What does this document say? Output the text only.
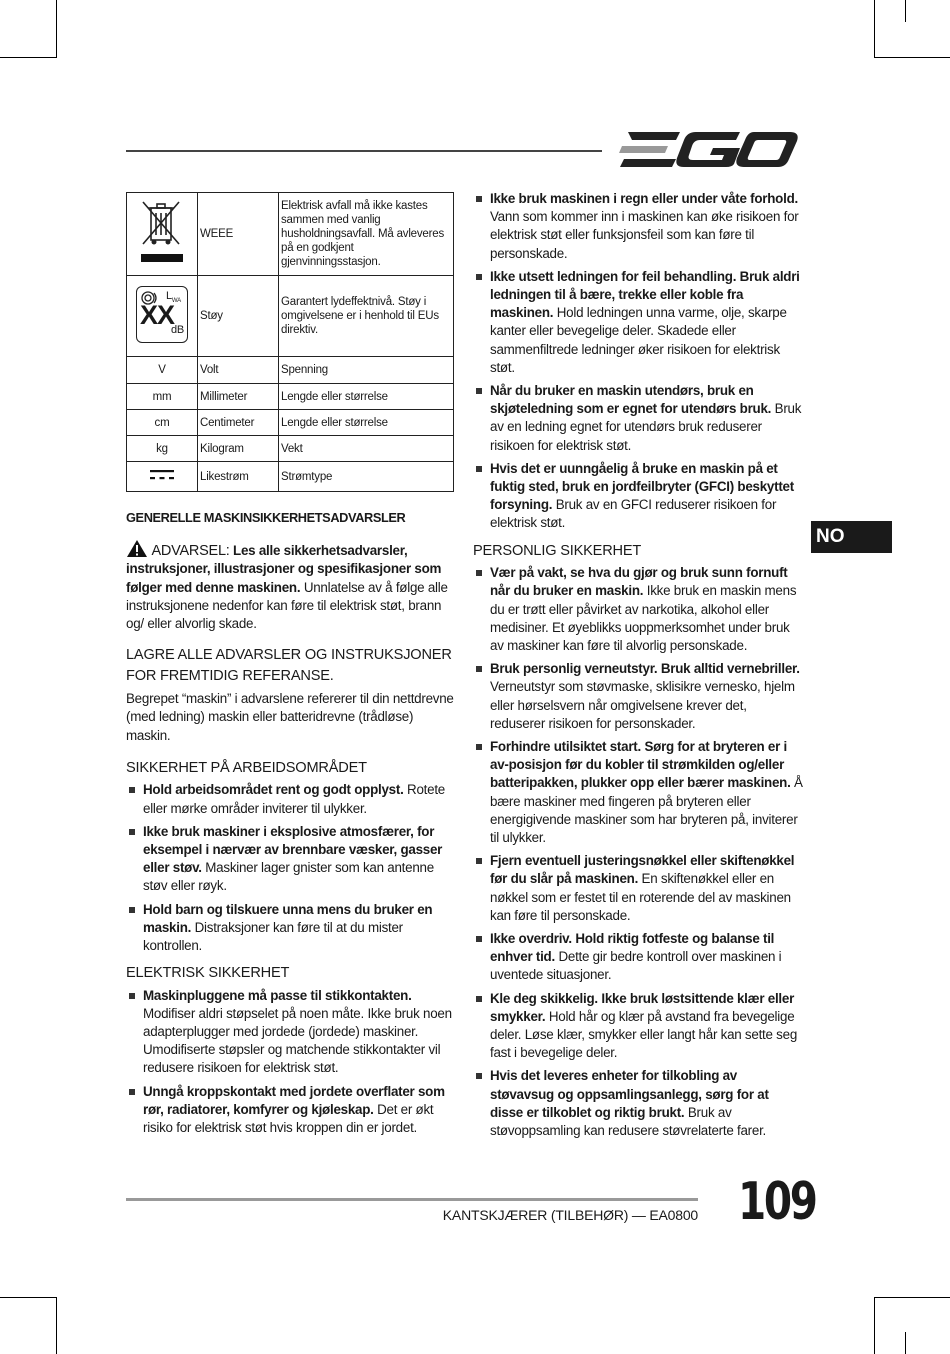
	WEEE	Elektrisk avfall må ikke kastes sammen med vanlig husholdningsavfall. Må avleveres på en godkjent gjenvinningsstasjon.

$L_{WA}$
XX
dB	Støy	Garantert lydeffektnivå. Støy i omgivelsene er i henhold til EUs direktiv.
V	Volt	Spenning
mm	Millimeter	Lengde eller størrelse
cm	Centimeter	Lengde eller størrelse
kg	Kilogram	Vekt
	Likestrøm	Strømtype

GENERELLE MASKINSIKKERHETSADVARSLER

ADVARSEL: Les alle sikkerhetsadvarsler, instruksjoner, illustrasjoner og spesifikasjoner som følger med denne maskinen. Unnlatelse av å følge alle instruksjonene nedenfor kan føre til elektrisk støt, brann og/ eller alvorlig skade.

LAGRE ALLE ADVARSLER OG INSTRUKSJONER FOR FREMTIDIG REFERANSE.

Begrepet “maskin” i advarslene refererer til din nettdrevne (med ledning) maskin eller batteridrevne (trådløse) maskin.

SIKKERHET PÅ ARBEIDSOMRÅDET

Hold arbeidsområdet rent og godt opplyst. Rotete eller mørke områder inviterer til ulykker.
Ikke bruk maskiner i eksplosive atmosfærer, for eksempel i nærvær av brennbare væsker, gasser eller støv. Maskiner lager gnister som kan antenne støv eller røyk.
Hold barn og tilskuere unna mens du bruker en maskin. Distraksjoner kan føre til at du mister kontrollen.

ELEKTRISK SIKKERHET

Maskinpluggene må passe til stikkontakten. Modifiser aldri støpselet på noen måte. Ikke bruk noen adapterplugger med jordede (jordede) maskiner. Umodifiserte støpsler og matchende stikkontakter vil redusere risikoen for elektrisk støt.
Unngå kroppskontakt med jordete overflater som rør, radiatorer, komfyrer og kjøleskap. Det er økt risiko for elektrisk støt hvis kroppen din er jordet.
Ikke bruk maskinen i regn eller under våte forhold. Vann som kommer inn i maskinen kan øke risikoen for elektrisk støt eller funksjonsfeil som kan føre til personskade.
Ikke utsett ledningen for feil behandling. Bruk aldri ledningen til å bære, trekke eller koble fra maskinen. Hold ledningen unna varme, olje, skarpe kanter eller bevegelige deler. Skadede eller sammenfiltrede ledninger øker risikoen for elektrisk støt.
Når du bruker en maskin utendørs, bruk en skjøteledning som er egnet for utendørs bruk. Bruk av en ledning egnet for utendørs bruk reduserer risikoen for elektrisk støt.
Hvis det er uunngåelig å bruke en maskin på et fuktig sted, bruk en jordfeilbryter (GFCI) beskyttet forsyning. Bruk av en GFCI reduserer risikoen for elektrisk støt.

PERSONLIG SIKKERHET

Vær på vakt, se hva du gjør og bruk sunn fornuft når du bruker en maskin. Ikke bruk en maskin mens du er trøtt eller påvirket av narkotika, alkohol eller medisiner. Et øyeblikks uoppmerksomhet under bruk av maskiner kan føre til alvorlig personskade.
Bruk personlig verneutstyr. Bruk alltid vernebriller. Verneutstyr som støvmaske, sklisikre vernesko, hjelm eller hørselsvern når omgivelsene krever det, reduserer risikoen for personskader.
Forhindre utilsiktet start. Sørg for at bryteren er i av-posisjon før du kobler til strømkilden og/eller batteripakken, plukker opp eller bærer maskinen. Å bære maskiner med fingeren på bryteren eller energigivende maskiner som har bryteren på, inviterer til ulykker.
Fjern eventuell justeringsnøkkel eller skiftenøkkel før du slår på maskinen. En skiftenøkkel eller en nøkkel som er festet til en roterende del av maskinen kan føre til personskade.
Ikke overdriv. Hold riktig fotfeste og balanse til enhver tid. Dette gir bedre kontroll over maskinen i uventede situasjoner.
Kle deg skikkelig. Ikke bruk løstsittende klær eller smykker. Hold hår og klær på avstand fra bevegelige deler. Løse klær, smykker eller langt hår kan sette seg fast i bevegelige deler.
Hvis det leveres enheter for tilkobling av støvavsug og oppsamlingsanlegg, sørg for at disse er tilkoblet og riktig brukt. Bruk av støvoppsamling kan redusere støvrelaterte farer.
NO
KANTSKJÆRER (TILBEHØR) — EA0800 109
